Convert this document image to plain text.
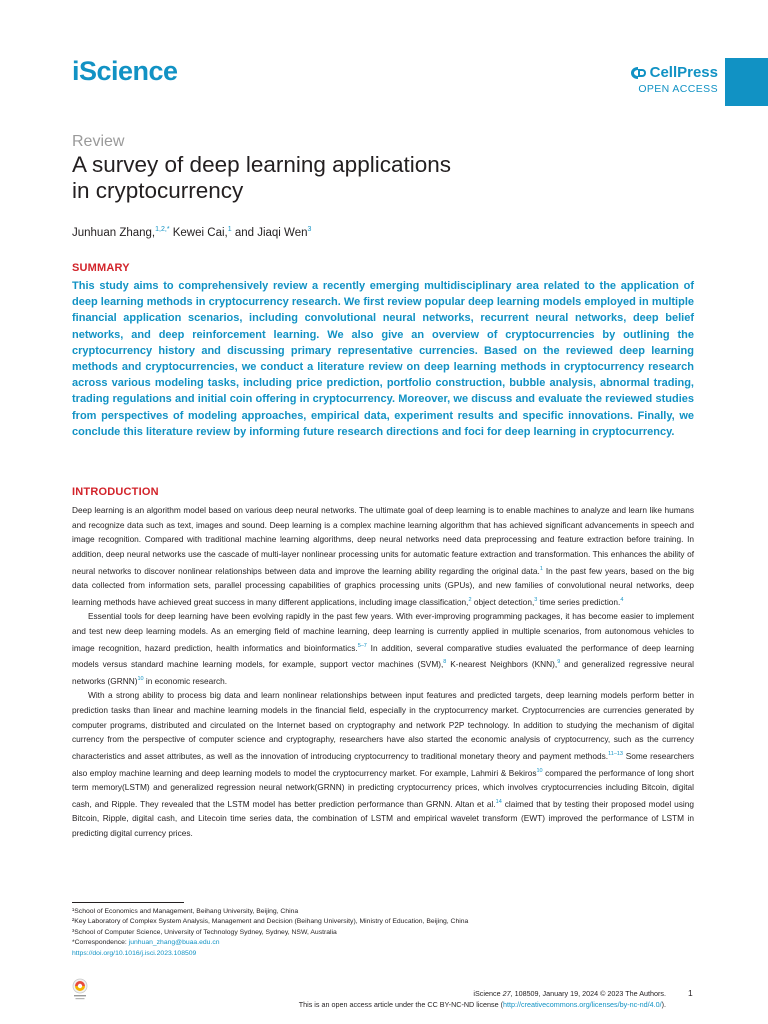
iScience	CellPress
OPEN ACCESS
Review
A survey of deep learning applications
in cryptocurrency
Junhuan Zhang,$^{1,2,*}$ Kewei Cai,$^1$ and Jiaqi Wen$^3$
SUMMARY
This study aims to comprehensively review a recently emerging multidisciplinary area related to the application of deep learning methods in cryptocurrency research. We first review popular deep learning models employed in multiple financial application scenarios, including convolutional neural networks, recurrent neural networks, deep belief networks, and deep reinforcement learning. We also give an overview of cryptocurrencies by outlining the cryptocurrency history and discussing primary representative currencies. Based on the reviewed deep learning methods and cryptocurrencies, we conduct a literature review on deep learning methods in cryptocurrency research across various modeling tasks, including price prediction, portfolio construction, bubble analysis, abnormal trading, trading regulations and initial coin offering in cryptocurrency. Moreover, we discuss and evaluate the reviewed studies from perspectives of modeling approaches, empirical data, experiment results and specific innovations. Finally, we conclude this literature review by informing future research directions and foci for deep learning in cryptocurrency.
INTRODUCTION

Deep learning is an algorithm model based on various deep neural networks. The ultimate goal of deep learning is to enable machines to analyze and learn like humans and recognize data such as text, images and sound. Deep learning is a complex machine learning algorithm that has achieved significant advancements in speech and image recognition. Compared with traditional machine learning algorithms, deep neural networks need data preprocessing and feature extraction before training. In addition, deep neural networks use the cascade of multi-layer nonlinear processing units for automatic feature extraction and transformation. This enhances the ability of neural networks to discover nonlinear relationships between data and improve the learning ability regarding the original data.$^1$ In the past few years, based on the big data collected from information sets, parallel processing capabilities of graphics processing units (GPUs), and new families of convolutional neural networks, deep learning methods have achieved great success in many different applications, including image classification,$^2$ object detection,$^3$ time series prediction.$^4$

Essential tools for deep learning have been evolving rapidly in the past few years. With ever-improving programming packages, it has become easier to implement and test new deep learning models. As an emerging field of machine learning, deep learning is currently applied in multiple scenarios, from autonomous vehicles to image recognition, hazard prediction, health informatics and bioinformatics.$^{5-7}$ In addition, several comparative studies evaluated the performance of deep learning models versus standard machine learning models, for example, support vector machines (SVM),$^8$ K-nearest Neighbors (KNN),$^9$ and generalized regressive neural networks (GRNN)$^{10}$ in economic research.

With a strong ability to process big data and learn nonlinear relationships between input features and predicted targets, deep learning models perform better in prediction tasks than linear and machine learning models in the financial field, especially in the cryptocurrency market. Cryptocurrencies are currencies generated by computer programs, distributed and circulated on the Internet based on cryptography and network P2P technology. In addition to studying the mechanism of digital currency from the perspective of computer science and cryptography, researchers have also started the economic analysis of cryptocurrency, such as the currency characteristics and asset attributes, as well as the innovation of introducing cryptocurrency to traditional monetary theory and payment methods.$^{11-13}$ Some researchers also employ machine learning and deep learning models to model the cryptocurrency market. For example, Lahmiri & Bekiros$^{10}$ compared the performance of long short term memory(LSTM) and generalized regression neural network(GRNN) in predicting cryptocurrency prices, which involves cryptocurrencies including Bitcoin, digital cash, and Ripple. They revealed that the LSTM model has better prediction performance than GRNN. Altan et al.$^{14}$ claimed that by testing their proposed model using Bitcoin, Ripple, digital cash, and Litecoin time series data, the combination of LSTM and empirical wavelet transform (EWT) improved the performance of LSTM in predicting digital currency prices.

¹School of Economics and Management, Beihang University, Beijing, China
²Key Laboratory of Complex System Analysis, Management and Decision (Beihang University), Ministry of Education, Beijing, China
³School of Computer Science, University of Technology Sydney, Sydney, NSW, Australia
*Correspondence: junhuan_zhang@buaa.edu.cn
https://doi.org/10.1016/j.isci.2023.108509
iScience 27, 108509, January 19, 2024 © 2023 The Authors.	1
This is an open access article under the CC BY-NC-ND license (http://creativecommons.org/licenses/by-nc-nd/4.0/).
